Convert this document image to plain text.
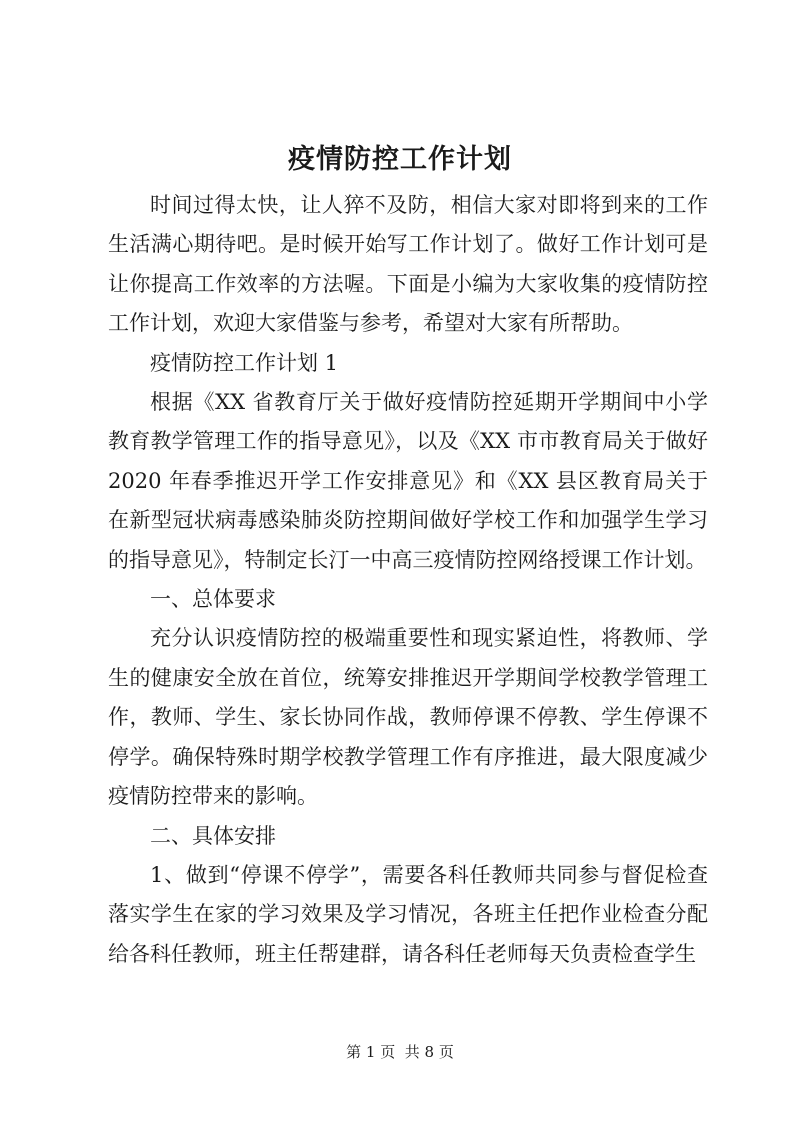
疫情防控工作计划

时间过得太快，让人猝不及防，相信大家对即将到来的工作生活满心期待吧。是时候开始写工作计划了。做好工作计划可是让你提高工作效率的方法喔。下面是小编为大家收集的疫情防控工作计划，欢迎大家借鉴与参考，希望对大家有所帮助。

疫情防控工作计划 1

根据《XX 省教育厅关于做好疫情防控延期开学期间中小学教育教学管理工作的指导意见》，以及《XX 市市教育局关于做好 2020 年春季推迟开学工作安排意见》和《XX 县区教育局关于在新型冠状病毒感染肺炎防控期间做好学校工作和加强学生学习的指导意见》，特制定长汀一中高三疫情防控网络授课工作计划。

一、总体要求

充分认识疫情防控的极端重要性和现实紧迫性，将教师、学生的健康安全放在首位，统筹安排推迟开学期间学校教学管理工作，教师、学生、家长协同作战，教师停课不停教、学生停课不停学。确保特殊时期学校教学管理工作有序推进，最大限度减少疫情防控带来的影响。

二、具体安排

1、做到“停课不停学”，需要各科任教师共同参与督促检查落实学生在家的学习效果及学习情况，各班主任把作业检查分配给各科任教师，班主任帮建群，请各科任老师每天负责检查学生

第 1 页  共 8 页
